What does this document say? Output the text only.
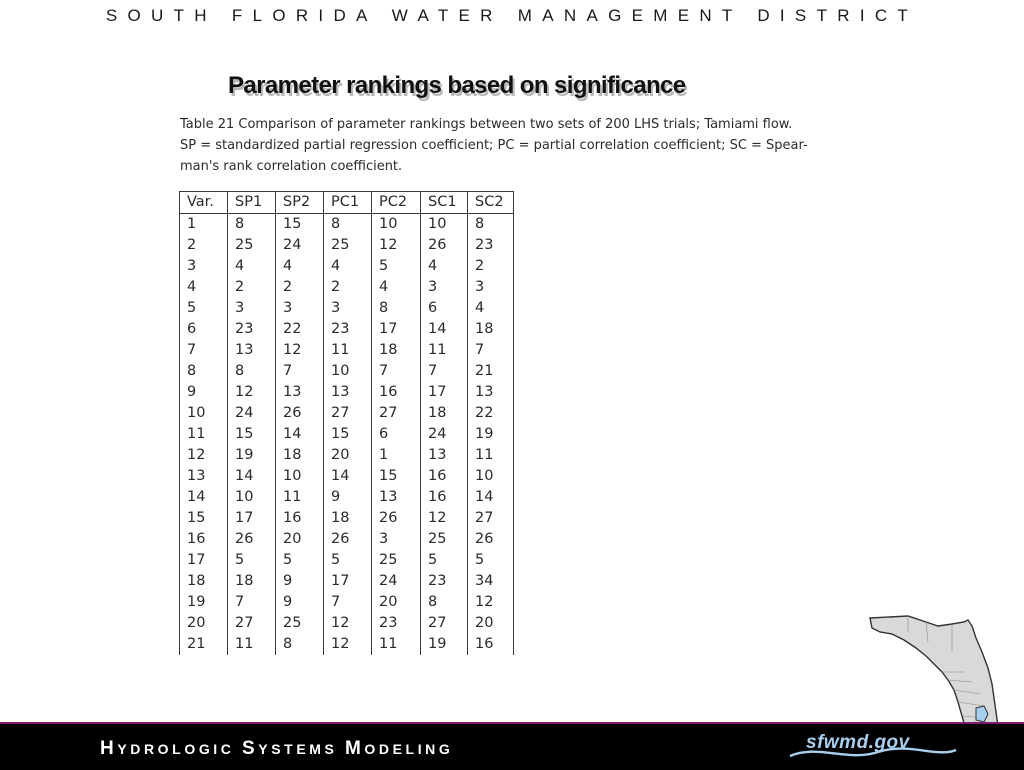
SOUTH FLORIDA WATER MANAGEMENT DISTRICT
Parameter rankings based on significance
Table 21 Comparison of parameter rankings between two sets of 200 LHS trials; Tamiami flow.
SP = standardized partial regression coefficient; PC = partial correlation coefficient; SC = Spear-
man's rank correlation coefficient.
Var.	SP1	SP2	PC1	PC2	SC1	SC2
1	8	15	8	10	10	8
2	25	24	25	12	26	23
3	4	4	4	5	4	2
4	2	2	2	4	3	3
5	3	3	3	8	6	4
6	23	22	23	17	14	18
7	13	12	11	18	11	7
8	8	7	10	7	7	21
9	12	13	13	16	17	13
10	24	26	27	27	18	22
11	15	14	15	6	24	19
12	19	18	20	1	13	11
13	14	10	14	15	16	10
14	10	11	9	13	16	14
15	17	16	18	26	12	27
16	26	20	26	3	25	26
17	5	5	5	25	5	5
18	18	9	17	24	23	34
19	7	9	7	20	8	12
20	27	25	12	23	27	20
21	11	8	12	11	19	16
HYDROLOGIC SYSTEMS MODELING	sfwmd.gov
